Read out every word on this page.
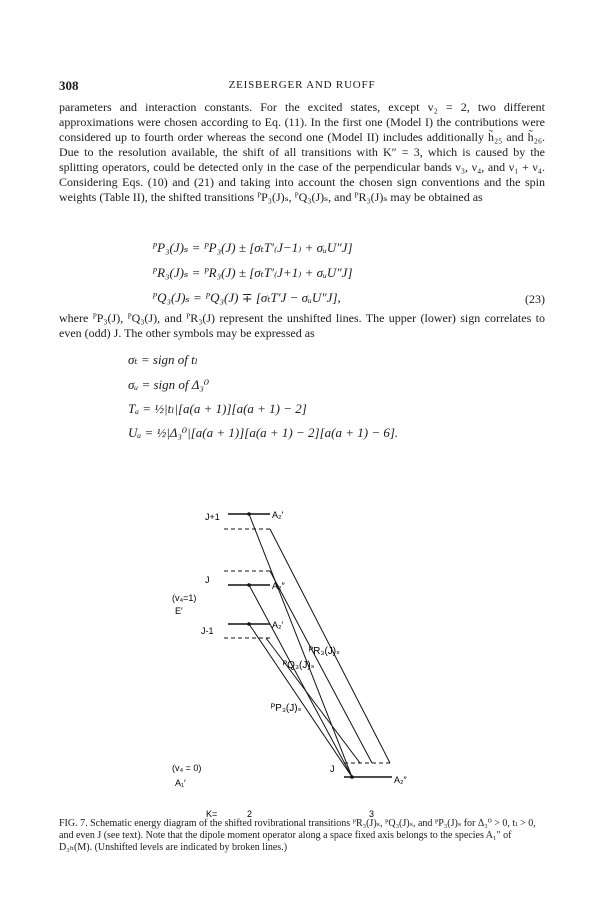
308	ZEISBERGER AND RUOFF

parameters and interaction constants. For the excited states, except v₂ = 2, two different approximations were chosen according to Eq. (11). In the first one (Model I) the contributions were considered up to fourth order whereas the second one (Model II) includes additionally h̃₂₅ and h̃₂₆. Due to the resolution available, the shift of all transitions with K″ = 3, which is caused by the splitting operators, could be detected only in the case of the perpendicular bands ν₃, ν₄, and ν₁ + ν₄. Considering Eqs. (10) and (21) and taking into account the chosen sign conventions and the spin weights (Table II), the shifted transitions ᴾP₃(J)ₛ, ᴾQ₃(J)ₛ, and ᴾR₃(J)ₛ may be obtained as

ᴾP₃(J)ₛ = ᴾP₃(J) ± [σₜT′₍J−1₎ + σᵤU″J]
ᴾR₃(J)ₛ = ᴾR₃(J) ± [σₜT′₍J+1₎ + σᵤU″J]
ᴾQ₃(J)ₛ = ᴾQ₃(J) ∓ [σₜT′J − σᵤU″J],	(23)

where ᴾP₃(J), ᴾQ₃(J), and ᴾR₃(J) represent the unshifted lines. The upper (lower) sign correlates to even (odd) J. The other symbols may be expressed as

σₜ = sign of tₗ
σᵤ = sign of Δ₃⁰
Tₐ = ½|tₗ|[a(a + 1)][a(a + 1) − 2]
Uₐ = ½|Δ₃⁰|[a(a + 1)][a(a + 1) − 2][a(a + 1) − 6].
J+1
J
J-1
(v₄=1)
E′
(v₄ = 0)
A₁′
J
A₂′
A₂″
A₂′
A₂″
ᴾR₃(J)ₛ
ᴾQ₃(J)ₛ
ᴾP₃(J)ₛ
K=	2	3

FIG. 7. Schematic energy diagram of the shifted rovibrational transitions ᴾR₃(J)ₛ, ᴾQ₃(J)ₛ, and ᴾP₃(J)ₛ for Δ₃⁰ > 0, tₗ > 0, and even J (see text). Note that the dipole moment operator along a space fixed axis belongs to the species A₁″ of D₃ₕ(M). (Unshifted levels are indicated by broken lines.)
